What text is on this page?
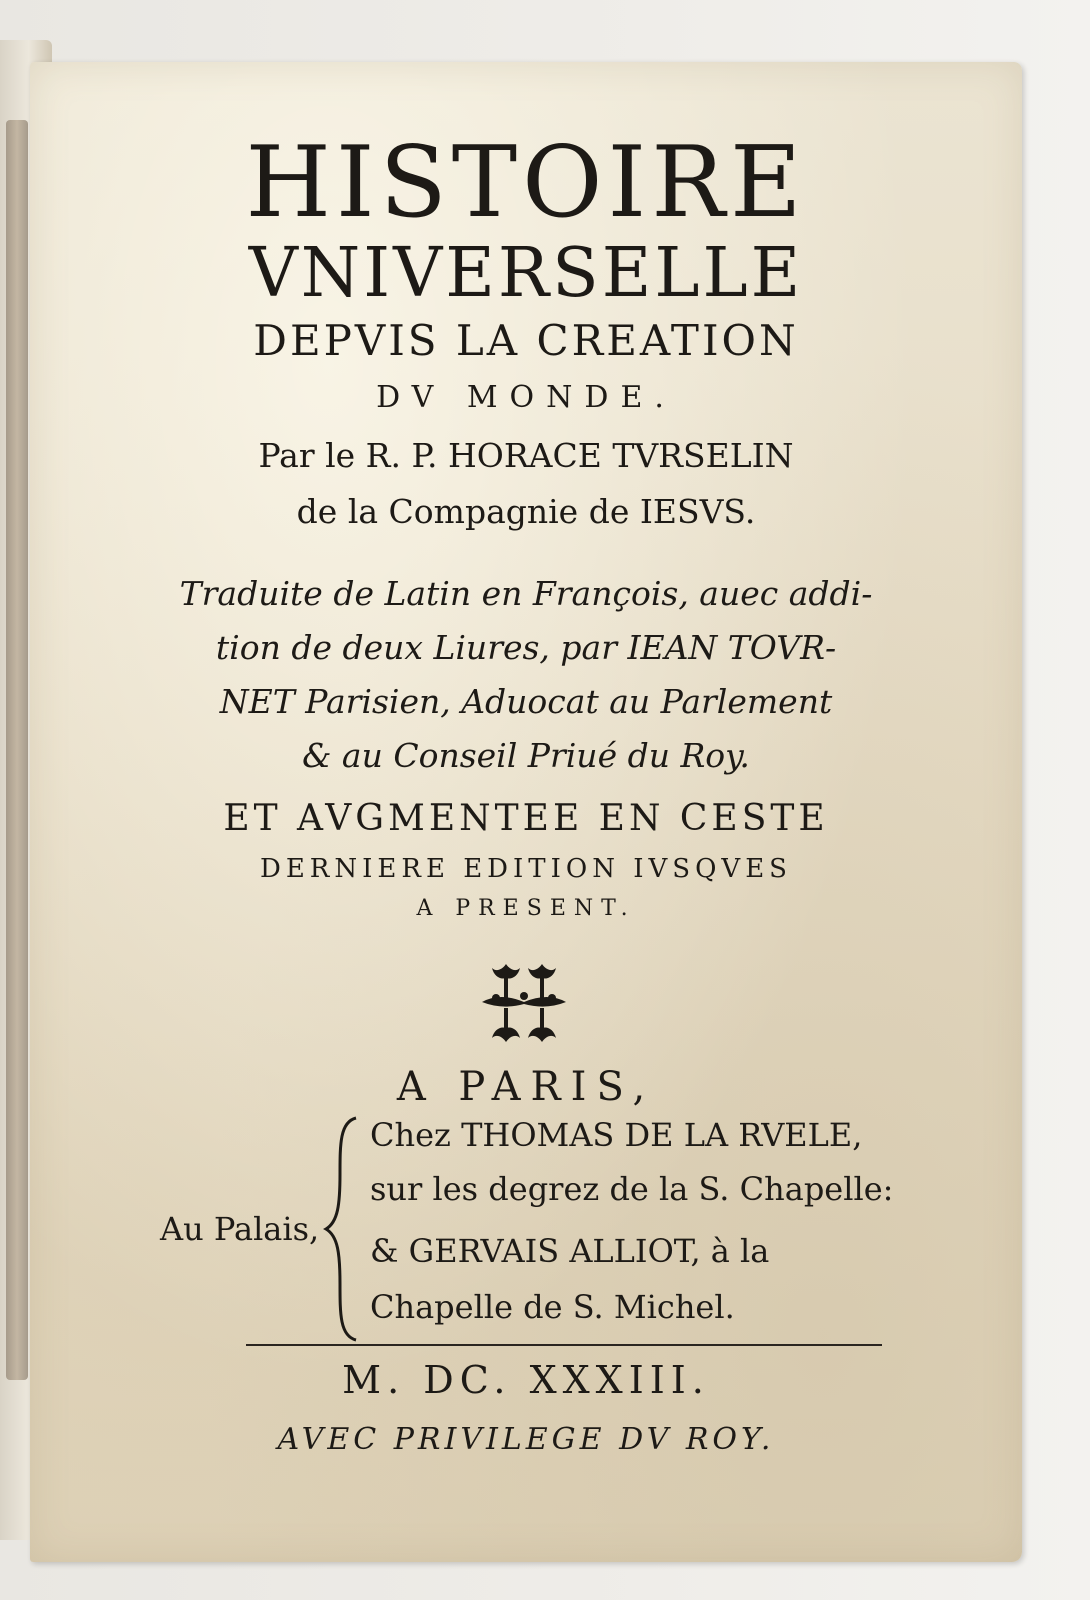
HISTOIRE
VNIVERSELLE
DEPVIS LA CREATION
DV MONDE.
Par le R. P. HORACE TVRSELIN
de la Compagnie de IESVS.
Traduite de Latin en François, auec addi-
tion de deux Liures, par IEAN TOVR-
NET Parisien, Aduocat au Parlement
& au Conseil Priué du Roy.
ET AVGMENTEE EN CESTE
DERNIERE EDITION IVSQVES
A PRESENT.
A PARIS,
Au Palais,
Chez THOMAS DE LA RVELE,
sur les degrez de la S. Chapelle:
& GERVAIS ALLIOT, à la
Chapelle de S. Michel.
M. DC. XXXIII.
AVEC PRIVILEGE DV ROY.
